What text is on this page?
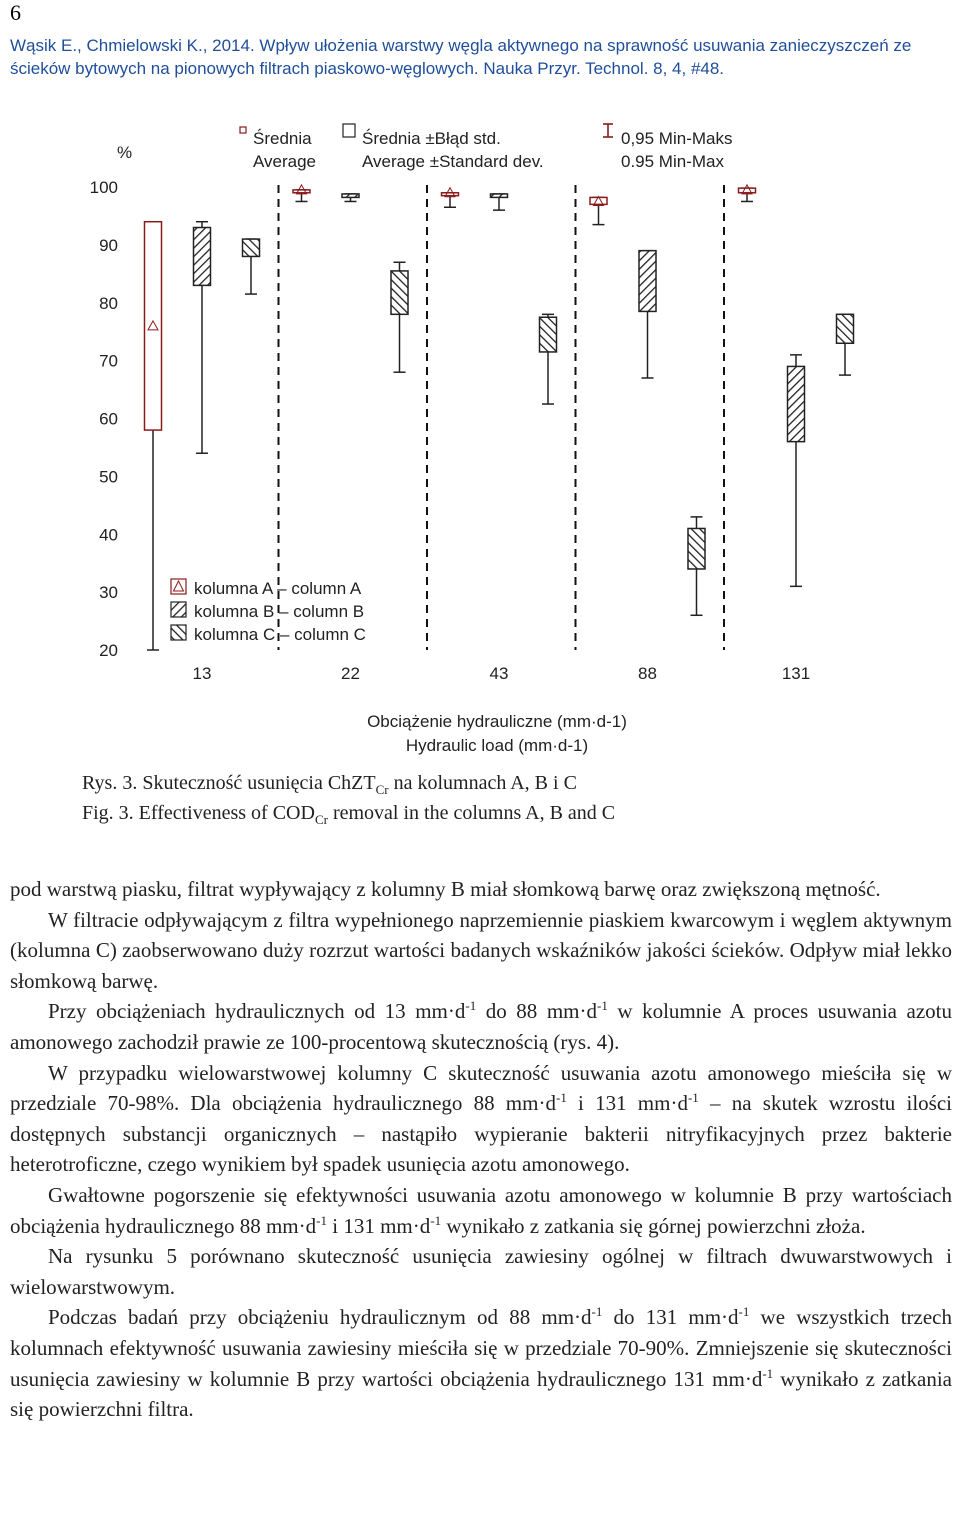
6
Wąsik E., Chmielowski K., 2014. Wpływ ułożenia warstwy węgla aktywnego na sprawność usuwania zanieczyszczeń ze ścieków bytowych na pionowych filtrach piaskowo-węglowych. Nauka Przyr. Technol. 8, 4, #48.
%
100
90
80
70
60
50
40
30
20
13	22	43	88	131
Średnia
Average
Średnia ±Błąd std.
Average ±Standard dev.
0,95 Min-Maks
0.95 Min-Max
kolumna A – column A
kolumna B – column B
kolumna C – column C
Obciążenie hydrauliczne (mm·d-1)
Hydraulic load (mm·d-1)
Rys. 3. Skuteczność usunięcia ChZT$_{Cr}$ na kolumnach A, B i C
Fig. 3. Effectiveness of $COD_{Cr}$ removal in the columns A, B and C

pod warstwą piasku, filtrat wypływający z kolumny B miał słomkową barwę oraz zwiększoną mętność.

W filtracie odpływającym z filtra wypełnionego naprzemiennie piaskiem kwarcowym i węglem aktywnym (kolumna C) zaobserwowano duży rozrzut wartości badanych wskaźników jakości ścieków. Odpływ miał lekko słomkową barwę.

Przy obciążeniach hydraulicznych od 13 $mm\cdot d^{-1}$ do 88 $mm\cdot d^{-1}$ w kolumnie A proces usuwania azotu amonowego zachodził prawie ze 100-procentową skutecznością (rys. 4).

W przypadku wielowarstwowej kolumny C skuteczność usuwania azotu amonowego mieściła się w przedziale 70-98%. Dla obciążenia hydraulicznego 88 $mm\cdot d^{-1}$ i 131 $mm\cdot d^{-1}$ – na skutek wzrostu ilości dostępnych substancji organicznych – nastąpiło wypieranie bakterii nitryfikacyjnych przez bakterie heterotroficzne, czego wynikiem był spadek usunięcia azotu amonowego.

Gwałtowne pogorszenie się efektywności usuwania azotu amonowego w kolumnie B przy wartościach obciążenia hydraulicznego 88 $mm\cdot d^{-1}$ i 131 $mm\cdot d^{-1}$ wynikało z zatkania się górnej powierzchni złoża.

Na rysunku 5 porównano skuteczność usunięcia zawiesiny ogólnej w filtrach dwuwarstwowych i wielowarstwowym.

Podczas badań przy obciążeniu hydraulicznym od 88 $mm\cdot d^{-1}$ do 131 $mm\cdot d^{-1}$ we wszystkich trzech kolumnach efektywność usuwania zawiesiny mieściła się w przedziale 70-90%. Zmniejszenie się skuteczności usunięcia zawiesiny w kolumnie B przy wartości obciążenia hydraulicznego 131 $mm\cdot d^{-1}$ wynikało z zatkania się powierzchni filtra.
